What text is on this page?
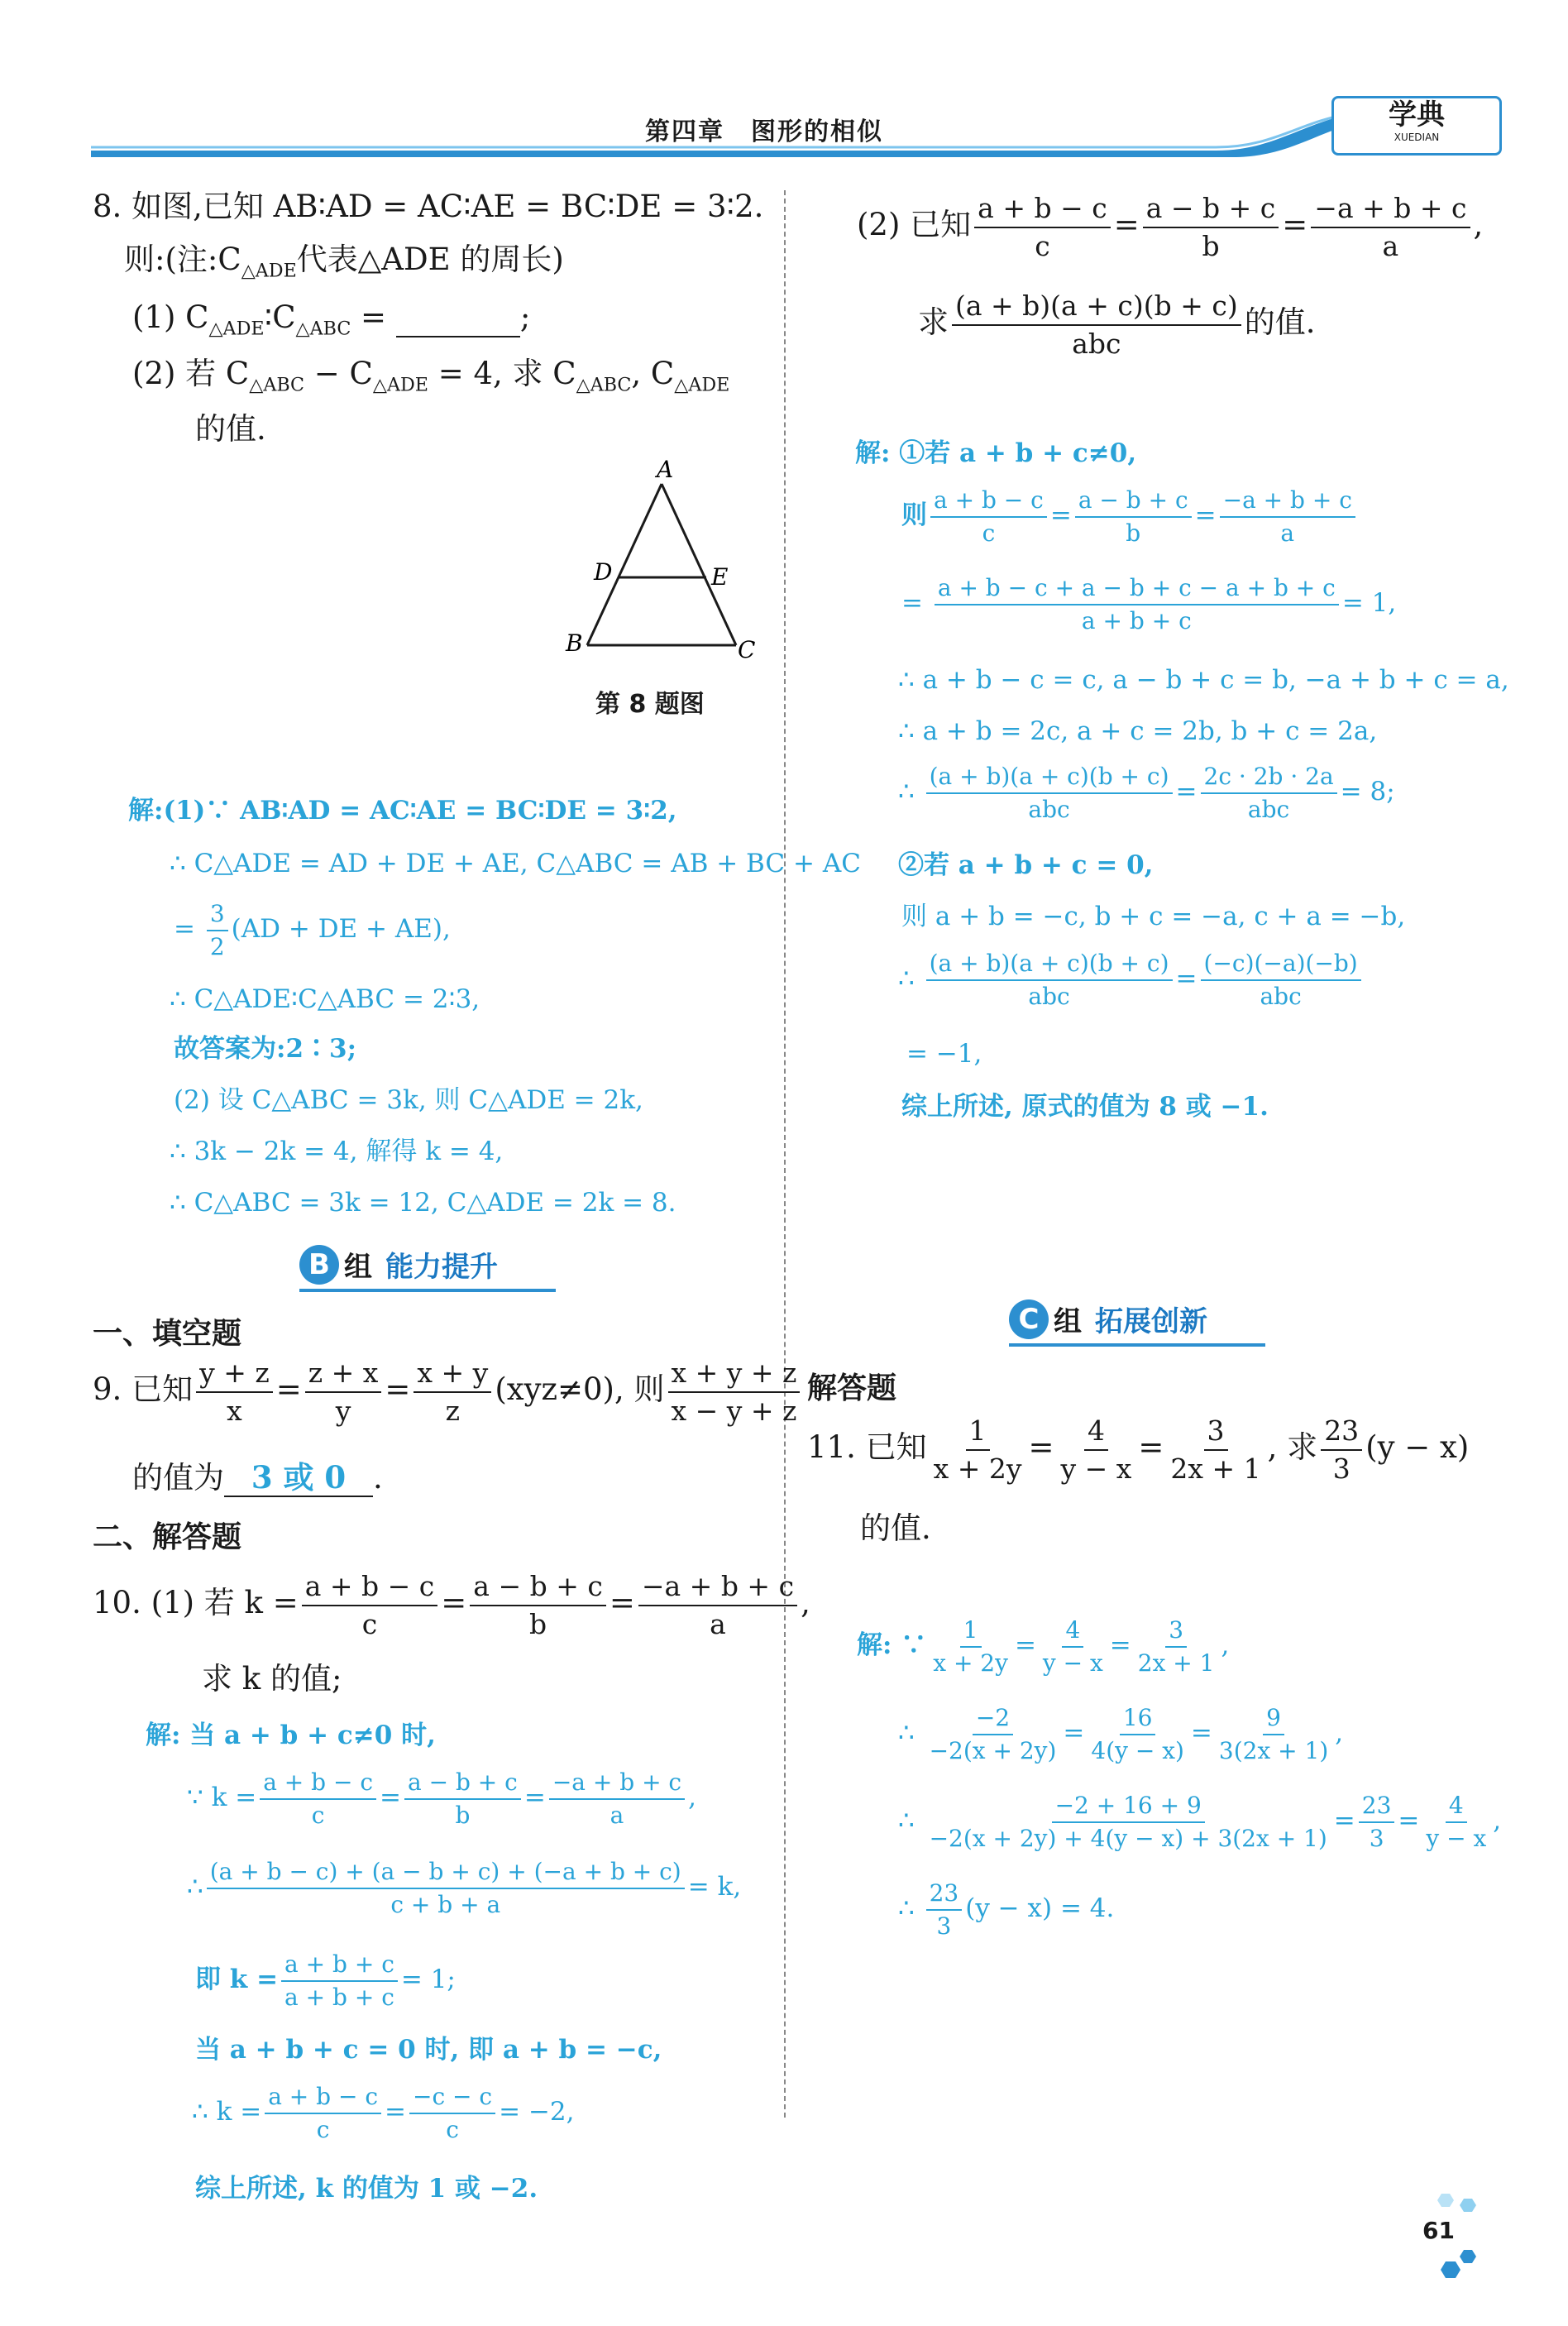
第四章　图形的相似
学典
XUEDIAN
8. 如图,已知 AB∶AD = AC∶AE = BC∶DE = 3∶2.
则:(注$:C_{\triangle ADE}$代表△ADE 的周长)
(1) $C_{\triangle ADE}∶C_{\triangle ABC}$ =	;
(2) 若 $C_{\triangle ABC} - C_{\triangle ADE} = 4$, 求 $C_{\triangle ABC}$, $C_{\triangle ADE}$
的值.
A
B	C
D	E
第 8 题图
解:(1)∵ AB∶AD = AC∶AE = BC∶DE = 3∶2,
∴ C△ADE = AD + DE + AE, C△ABC = AB + BC + AC
= $\frac{3}{2} (AD$ + DE + AE),
∴ C△ADE∶C△ABC = 2∶3,
故答案为:2∶3;
(2) 设 C△ABC = 3k, 则 C△ADE = 2k,
∴ 3k − 2k = 4, 解得 k = 4,
∴ C△ABC = 3k = 12, C△ADE = 2k = 8.
B 组 能力提升
一、填空题
9. 已知 $\frac{y + z}{x} = \frac{z + x}{y} = \frac{x + y}{z} (xyz\ne 0)$, 则 $\frac{x + y + z}{x - y + z}$
的值为 3 或 0 .
二、解答题
10. (1) 若 $k = \frac{a + b - c}{c} = \frac{a - b + c}{b} = \frac{-a + b + c}{a}$ ,
求 k 的值;
解: 当 a + b + c≠0 时,
∵ $k = \frac{a + b - c}{c} = \frac{a - b + c}{b} = \frac{-a + b + c}{a}$ ,
∴ $\frac{(a + b - c) + (a - b + c) + (-a + b + c)}{c + b + a} = k$,
即 $k = \frac{a + b + c}{a + b + c} = 1$;
当 a + b + c = 0 时, 即 a + b = −c,
∴ $k = \frac{a + b - c}{c} = \frac{-c - c}{c} = -2$,
综上所述, k 的值为 1 或 −2.
(2) 已知 $\frac{a + b - c}{c} = \frac{a - b + c}{b} = \frac{-a + b + c}{a}$ ,
求 $\frac{(a + b)(a + c)(b + c)}{\text{abc}}$ 的值.
解: ①若 a + b + c≠0,
则 $\frac{a + b - c}{c} = \frac{a - b + c}{b} = \frac{-a + b + c}{a}$
= $\frac{a + b - c + a - b + c - a + b + c}{a + b + c} = 1$,
∴ a + b − c = c, a − b + c = b, −a + b + c = a,
∴ a + b = 2c, a + c = 2b, b + c = 2a,
∴ $\frac{(a + b)(a + c)(b + c)}{\text{abc}} = \frac{2c \cdot 2b \cdot 2a}{\text{abc}} = 8$;
②若 a + b + c = 0,
则 a + b = −c, b + c = −a, c + a = −b,
∴ $\frac{(a + b)(a + c)(b + c)}{\text{abc}} = \frac{(-c)(-a)(-b)}{\text{abc}}$
= −1,
综上所述, 原式的值为 8 或 −1.
C 组 拓展创新
解答题
11. 已知 $\frac{1}{x + 2y} = \frac{4}{y - x} = \frac{3}{2x + 1}$ , 求 $\frac{23}{3} (y - x)$
的值.
解: ∵ $\frac{1}{x + 2y} = \frac{4}{y - x} = \frac{3}{2x + 1}$ ,
∴ $\frac{-2}{-2(x + 2y)} = \frac{16}{4(y - x)} = \frac{9}{3(2x + 1)}$ ,
∴ $\frac{-2 + 16 + 9}{-2(x + 2y) + 4(y - x) + 3(2x + 1)} = \frac{23}{3} = \frac{4}{y - x}$ ,
∴ $\frac{23}{3} (y - x) = 4$.
61
